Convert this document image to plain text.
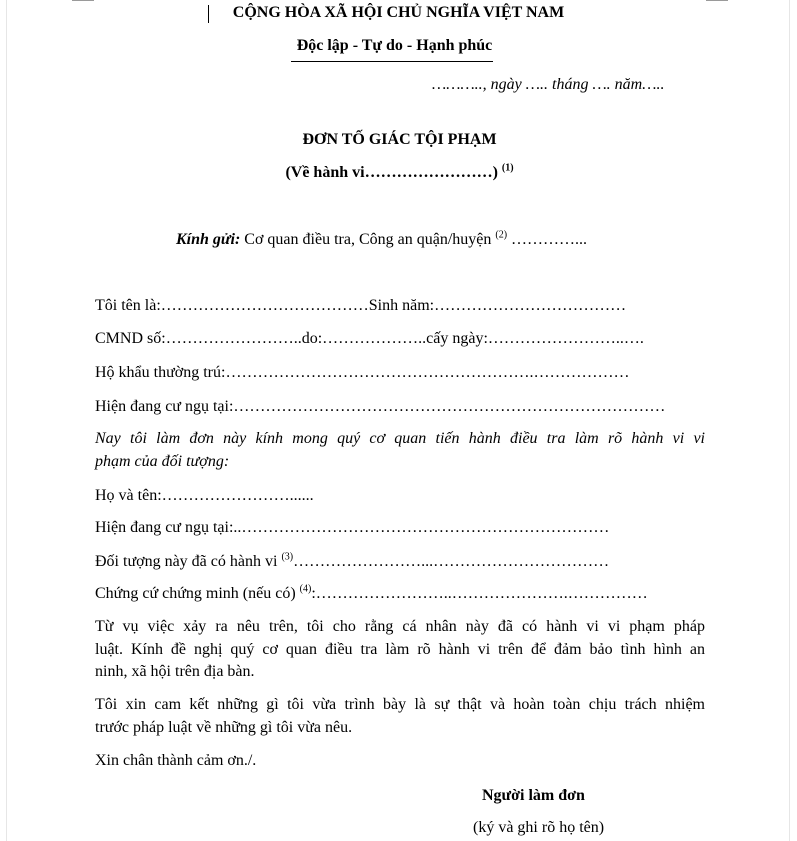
CỘNG HÒA XÃ HỘI CHỦ NGHĨA VIỆT NAM
Độc lập - Tự do - Hạnh phúc
……….., ngày ….. tháng …. năm…..
ĐƠN TỐ GIÁC TỘI PHẠM
(Về hành vi……………………) $^{(1)}$
Kính gửi: Cơ quan điều tra, Công an quận/huyện $^{(2)}$ …………...
Tôi tên là:…………………………………Sinh năm:………………………………
CMND số:……………………..do:………………..cấy ngày:……………………..….
Hộ khẩu thường trú:………………………………………………….………………
Hiện đang cư ngụ tại:………………………………………………………………………
Nay tôi làm đơn này kính mong quý cơ quan tiến hành điều tra làm rõ hành vi vi
phạm của đối tượng:
Họ và tên:……………………......
Hiện đang cư ngụ tại:..……………………………………………………………
Đối tượng này đã có hành vi $^{(3)}$……………………...……………………………
Chứng cứ chứng minh (nếu có) $^{(4)}$:……………………..………………….……………
Từ vụ việc xảy ra nêu trên, tôi cho rằng cá nhân này đã có hành vi vi phạm pháp
luật. Kính đề nghị quý cơ quan điều tra làm rõ hành vi trên để đảm bảo tình hình an
ninh, xã hội trên địa bàn.
Tôi xin cam kết những gì tôi vừa trình bày là sự thật và hoàn toàn chịu trách nhiệm
trước pháp luật về những gì tôi vừa nêu.
Xin chân thành cảm ơn./.
Người làm đơn
(ký và ghi rõ họ tên)
